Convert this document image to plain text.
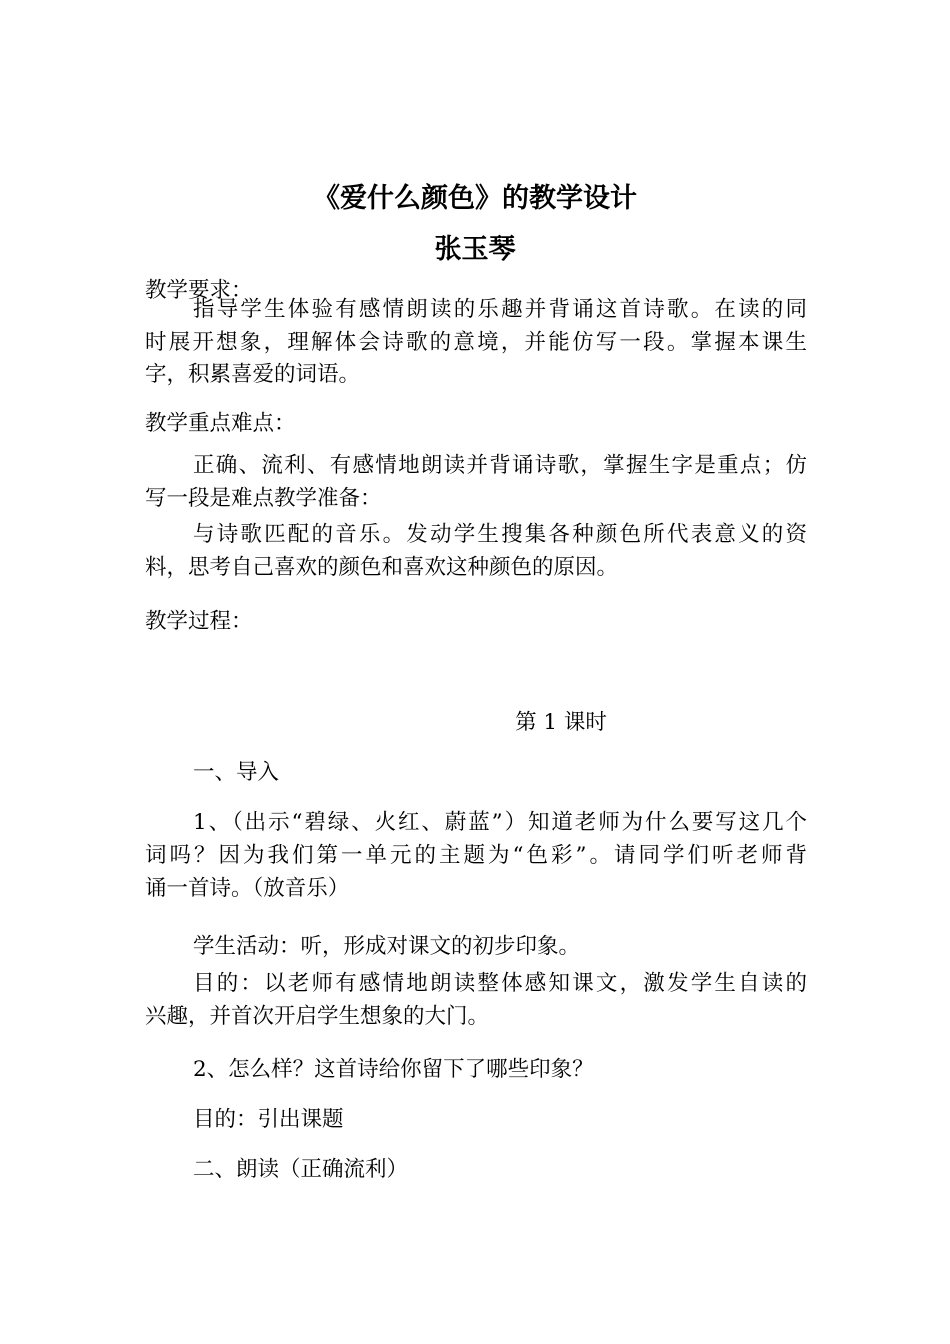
《爱什么颜色》的教学设计
张玉琴
教学要求：
指导学生体验有感情朗读的乐趣并背诵这首诗歌。在读的同
时展开想象，理解体会诗歌的意境，并能仿写一段。掌握本课生
字，积累喜爱的词语。
教学重点难点：
正确、流利、有感情地朗读并背诵诗歌，掌握生字是重点；仿
写一段是难点教学准备：
与诗歌匹配的音乐。发动学生搜集各种颜色所代表意义的资
料，思考自己喜欢的颜色和喜欢这种颜色的原因。
教学过程：
第 1 课时
一、导入
1、（出示“碧绿、火红、蔚蓝”）知道老师为什么要写这几个
词吗？因为我们第一单元的主题为“色彩”。请同学们听老师背
诵一首诗。（放音乐）
学生活动：听，形成对课文的初步印象。
目的：以老师有感情地朗读整体感知课文，激发学生自读的
兴趣，并首次开启学生想象的大门。
2、怎么样？这首诗给你留下了哪些印象？
目的：引出课题
二、朗读（正确流利）
